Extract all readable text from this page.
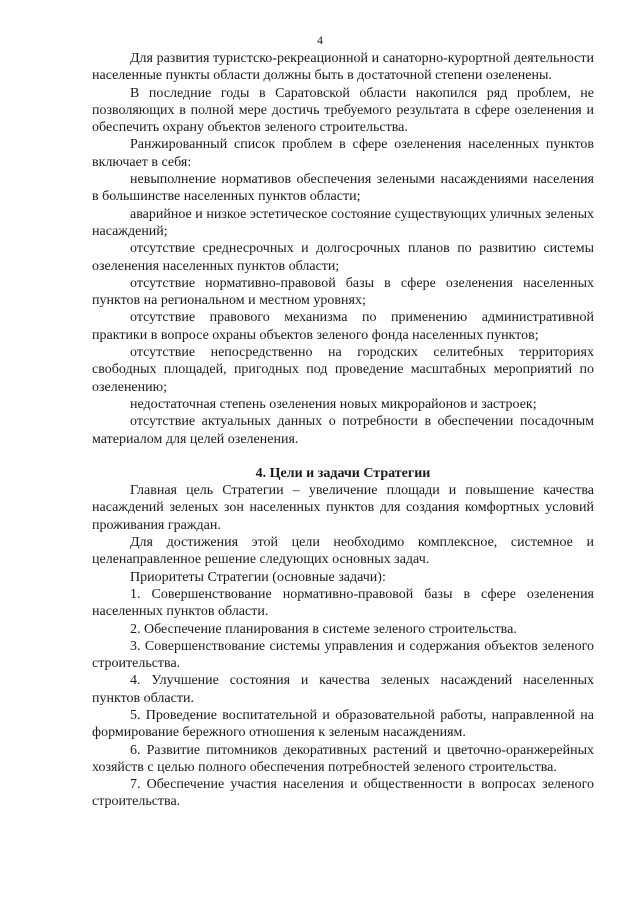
4

Для развития туристско-рекреационной и санаторно-курортной деятельности населенные пункты области должны быть в достаточной степени озеленены.

В последние годы в Саратовской области накопился ряд проблем, не позволяющих в полной мере достичь требуемого результата в сфере озеленения и обеспечить охрану объектов зеленого строительства.

Ранжированный список проблем в сфере озеленения населенных пунктов включает в себя:

невыполнение нормативов обеспечения зелеными насаждениями населения в большинстве населенных пунктов области;

аварийное и низкое эстетическое состояние существующих уличных зеленых насаждений;

отсутствие среднесрочных и долгосрочных планов по развитию системы озеленения населенных пунктов области;

отсутствие нормативно-правовой базы в сфере озеленения населенных пунктов на региональном и местном уровнях;

отсутствие правового механизма по применению административной практики в вопросе охраны объектов зеленого фонда населенных пунктов;

отсутствие непосредственно на городских селитебных территориях свободных площадей, пригодных под проведение масштабных мероприятий по озеленению;

недостаточная степень озеленения новых микрорайонов и застроек;

отсутствие актуальных данных о потребности в обеспечении посадочным материалом для целей озеленения.

4. Цели и задачи Стратегии

Главная цель Стратегии – увеличение площади и повышение качества насаждений зеленых зон населенных пунктов для создания комфортных условий проживания граждан.

Для достижения этой цели необходимо комплексное, системное и целенаправленное решение следующих основных задач.

Приоритеты Стратегии (основные задачи):

1. Совершенствование нормативно-правовой базы в сфере озеленения населенных пунктов области.

2. Обеспечение планирования в системе зеленого строительства.

3. Совершенствование системы управления и содержания объектов зеленого строительства.

4. Улучшение состояния и качества зеленых насаждений населенных пунктов области.

5. Проведение воспитательной и образовательной работы, направленной на формирование бережного отношения к зеленым насаждениям.

6. Развитие питомников декоративных растений и цветочно-оранжерейных хозяйств с целью полного обеспечения потребностей зеленого строительства.

7. Обеспечение участия населения и общественности в вопросах зеленого строительства.
